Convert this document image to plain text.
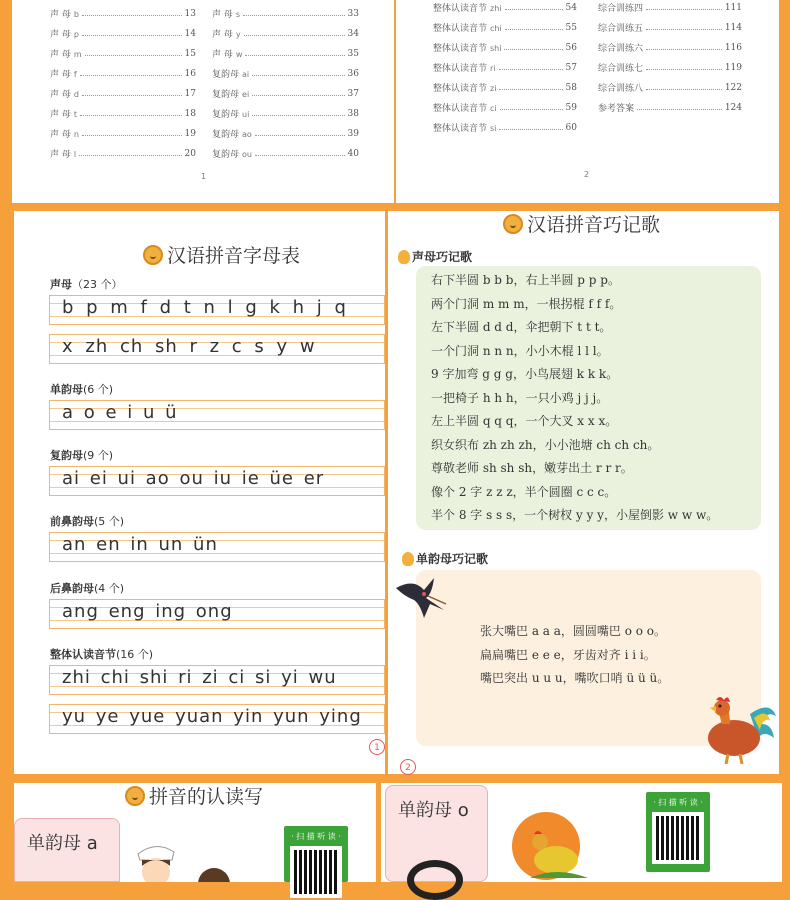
声 母 b	13
声 母 p	14
声 母 m	15
声 母 f	16
声 母 d	17
声 母 t	18
声 母 n	19
声 母 l	20
声 母 s	33
声 母 y	34
声 母 w	35
复韵母 ai	36
复韵母 ei	37
复韵母 ui	38
复韵母 ao	39
复韵母 ou	40
整体认读音节 zhi	54
整体认读音节 chi	55
整体认读音节 shi	56
整体认读音节 ri	57
整体认读音节 zi	58
整体认读音节 ci	59
整体认读音节 si	60
综合训练四	111
综合训练五	114
综合训练六	116
综合训练七	119
综合训练八	122
参考答案	124
1	2
汉语拼音字母表
声母（23 个）
b p m f d t n l g k h j q
x zh ch sh r z c s y w
单韵母(6 个)
a o e i u ü
复韵母(9 个)
ai ei ui ao ou iu ie üe er
前鼻韵母(5 个)
an en in un ün
后鼻韵母(4 个)
ang eng ing ong
整体认读音节(16 个)
zhi chi shi ri zi ci si yi wu
yu ye yue yuan yin yun ying
1
汉语拼音巧记歌
声母巧记歌
右下半圆 b b b，右上半圆 p p p。
两个门洞 m m m，一根拐棍 f f f。
左下半圆 d d d，伞把朝下 t t t。
一个门洞 n n n，小小木棍 l l l。
9 字加弯 g g g，小鸟展翅 k k k。
一把椅子 h h h，一只小鸡 j j j。
左上半圆 q q q，一个大叉 x x x。
织女织布 zh zh zh，小小池塘 ch ch ch。
尊敬老师 sh sh sh，嫩芽出土 r r r。
像个 2 字 z z z，半个圆圈 c c c。
半个 8 字 s s s，一个树杈 y y y，小屋倒影 w w w。
单韵母巧记歌
张大嘴巴 a a a，圆圆嘴巴 o o o。
扁扁嘴巴 e e e，牙齿对齐 i i i。
嘴巴突出 u u u，嘴吹口哨 ü ü ü。
2
拼音的认读写
单韵母 a
单韵母 o
· 扫 描 听 读 ·
· 扫 描 听 读 ·
